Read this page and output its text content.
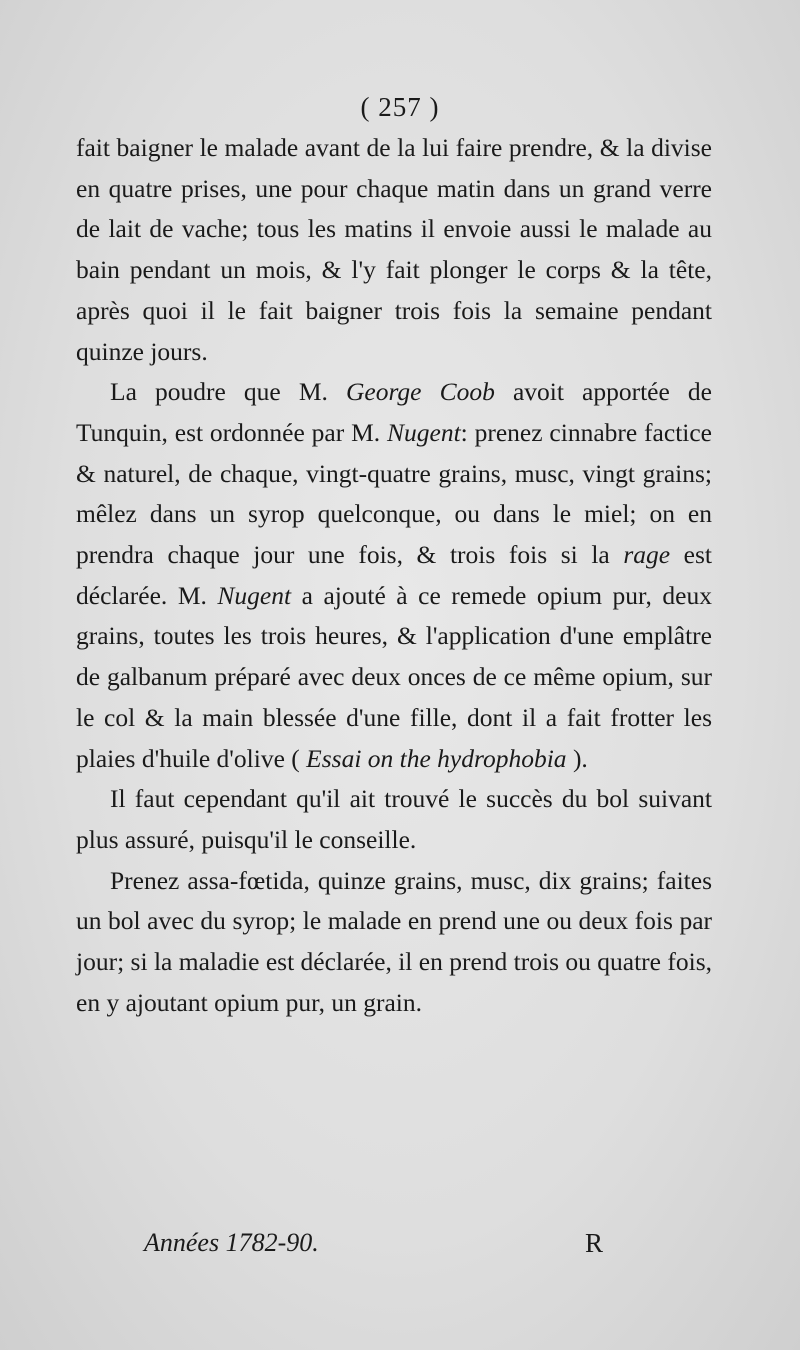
( 257 )

fait baigner le malade avant de la lui faire prendre, & la divise en quatre prises, une pour chaque matin dans un grand verre de lait de vache; tous les matins il envoie aussi le malade au bain pendant un mois, & l'y fait plonger le corps & la tête, après quoi il le fait baigner trois fois la semaine pendant quinze jours.

La poudre que M. George Coob avoit apportée de Tunquin, est ordonnée par M. Nugent: prenez cinnabre factice & naturel, de chaque, vingt-quatre grains, musc, vingt grains; mêlez dans un syrop quelconque, ou dans le miel; on en prendra chaque jour une fois, & trois fois si la rage est déclarée. M. Nugent a ajouté à ce remede opium pur, deux grains, toutes les trois heures, & l'application d'une emplâtre de galbanum préparé avec deux onces de ce même opium, sur le col & la main blessée d'une fille, dont il a fait frotter les plaies d'huile d'olive ( Essai on the hydrophobia ).

Il faut cependant qu'il ait trouvé le succès du bol suivant plus assuré, puisqu'il le conseille.

Prenez assa-fœtida, quinze grains, musc, dix grains; faites un bol avec du syrop; le malade en prend une ou deux fois par jour; si la maladie est déclarée, il en prend trois ou quatre fois, en y ajoutant opium pur, un grain.

Années 1782-90.	R
